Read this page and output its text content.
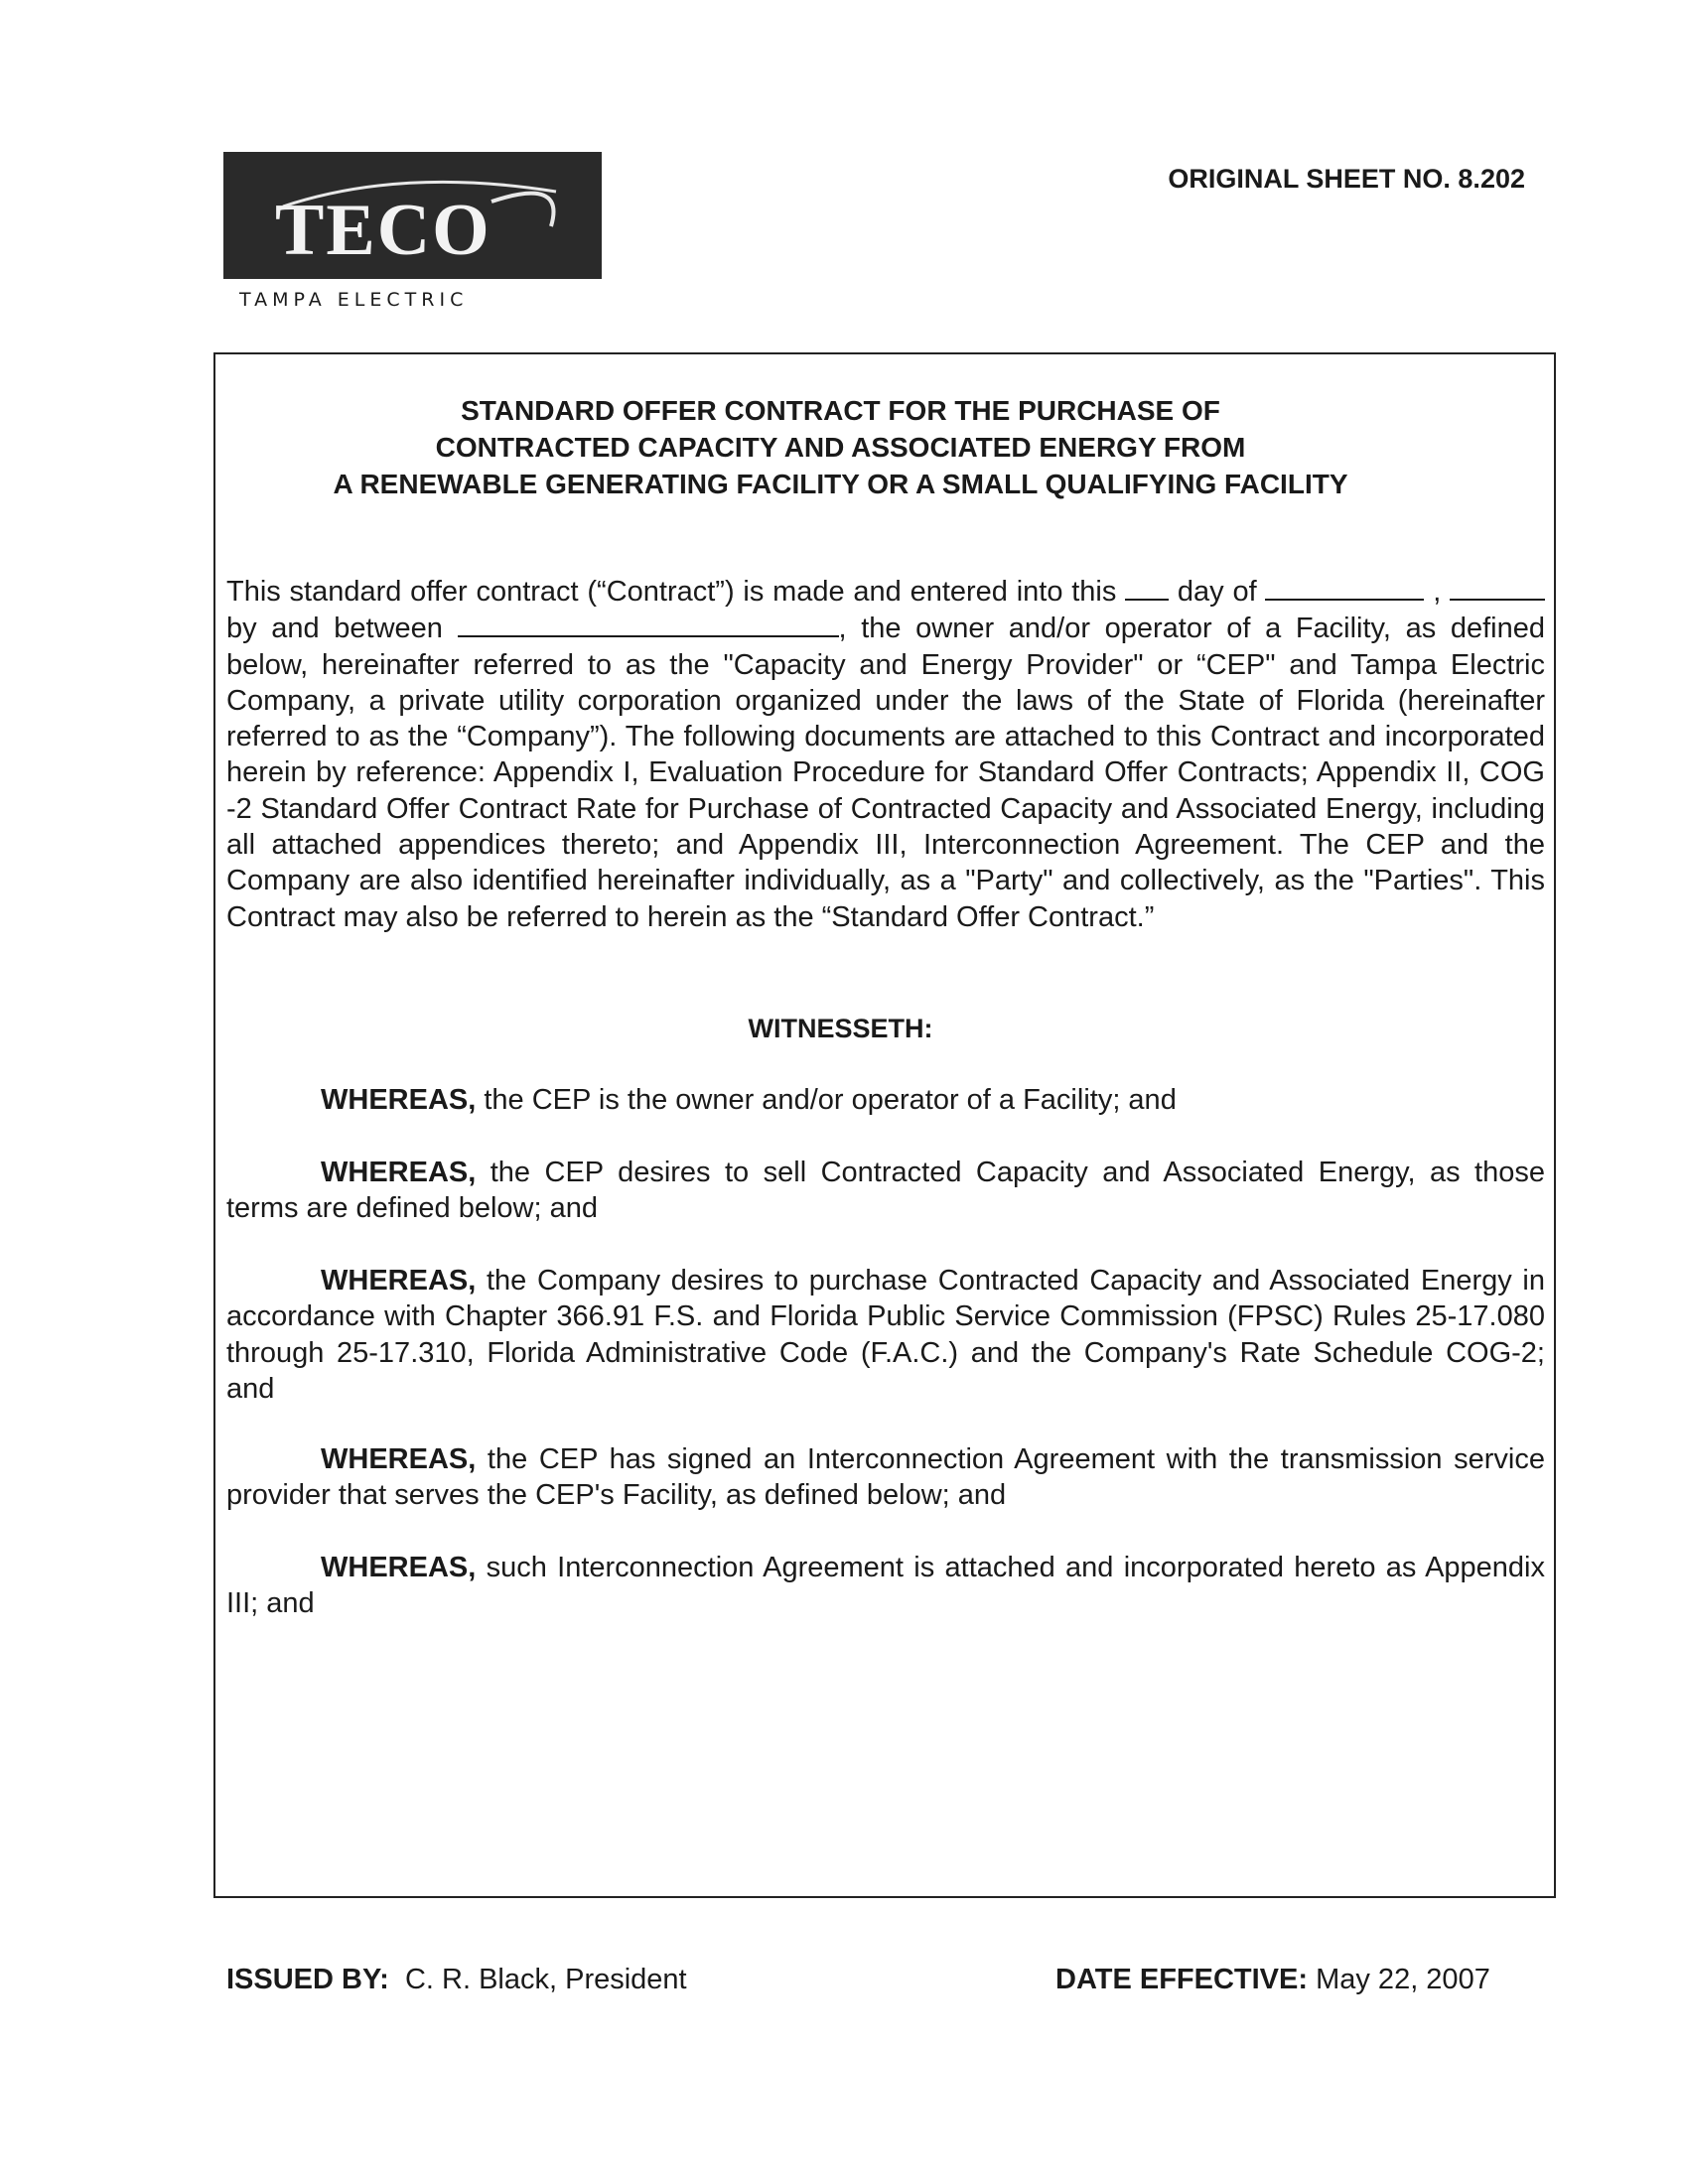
TECO
TAMPA ELECTRIC
ORIGINAL SHEET NO. 8.202
STANDARD OFFER CONTRACT FOR THE PURCHASE OF
CONTRACTED CAPACITY AND ASSOCIATED ENERGY FROM
A RENEWABLE GENERATING FACILITY OR A SMALL QUALIFYING FACILITY
This standard offer contract (“Contract”) is made and entered into this day of	,  by and between	, the owner and/or operator of a Facility, as defined below, hereinafter referred to as the "Capacity and Energy Provider" or “CEP" and Tampa Electric Company, a private utility corporation organized under the laws of the State of Florida (hereinafter referred to as the “Company”). The following documents are attached to this Contract and incorporated herein by reference: Appendix I, Evaluation Procedure for Standard Offer Contracts; Appendix II, COG -2 Standard Offer Contract Rate for Purchase of Contracted Capacity and Associated Energy, including all attached appendices thereto; and Appendix III, Interconnection Agreement. The CEP and the Company are also identified hereinafter individually, as a "Party" and collectively, as the "Parties". This Contract may also be referred to herein as the “Standard Offer Contract.”
WITNESSETH:
WHEREAS, the CEP is the owner and/or operator of a Facility; and
WHEREAS, the CEP desires to sell Contracted Capacity and Associated Energy, as those terms are defined below; and
WHEREAS, the Company desires to purchase Contracted Capacity and Associated Energy in accordance with Chapter 366.91 F.S. and Florida Public Service Commission (FPSC) Rules 25-17.080 through 25-17.310, Florida Administrative Code (F.A.C.) and the Company's Rate Schedule COG-2; and
WHEREAS, the CEP has signed an Interconnection Agreement with the transmission service provider that serves the CEP's Facility, as defined below; and
WHEREAS, such Interconnection Agreement is attached and incorporated hereto as Appendix III; and
ISSUED BY: C. R. Black, President	DATE EFFECTIVE: May 22, 2007
